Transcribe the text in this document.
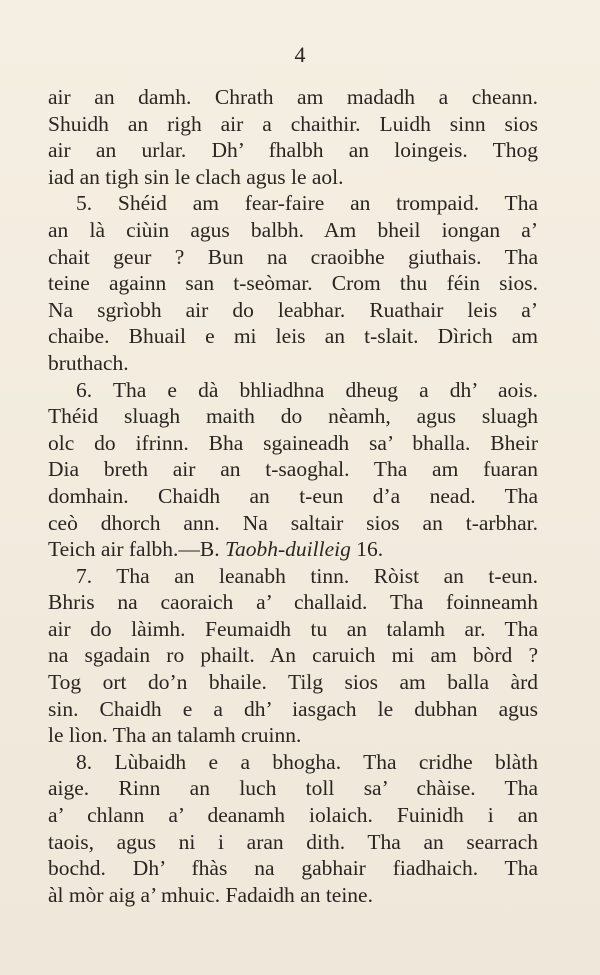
4
air an damh. Chrath am madadh a cheann.
Shuidh an righ air a chaithir. Luidh sinn sios
air an urlar. Dh’ fhalbh an loingeis. Thog
iad an tigh sin le clach agus le aol.
5. Shéid am fear-faire an trompaid. Tha
an là ciùin agus balbh. Am bheil iongan a’
chait geur ? Bun na craoibhe giuthais. Tha
teine againn san t-seòmar. Crom thu féin sios.
Na sgrìobh air do leabhar. Ruathair leis a’
chaibe. Bhuail e mi leis an t-slait. Dìrich am
bruthach.
6. Tha e dà bhliadhna dheug a dh’ aois.
Théid sluagh maith do nèamh, agus sluagh
olc do ifrinn. Bha sgaineadh sa’ bhalla. Bheir
Dia breth air an t-saoghal. Tha am fuaran
domhain. Chaidh an t-eun d’a nead. Tha
ceò dhorch ann. Na saltair sios an t-arbhar.
Teich air falbh.—B. Taobh-duilleig 16.
7. Tha an leanabh tinn. Ròist an t-eun.
Bhris na caoraich a’ challaid. Tha foinneamh
air do làimh. Feumaidh tu an talamh ar. Tha
na sgadain ro phailt. An caruich mi am bòrd ?
Tog ort do’n bhaile. Tilg sios am balla àrd
sin. Chaidh e a dh’ iasgach le dubhan agus
le lìon. Tha an talamh cruinn.
8. Lùbaidh e a bhogha. Tha cridhe blàth
aige. Rinn an luch toll sa’ chàise. Tha
a’ chlann a’ deanamh iolaich. Fuinidh i an
taois, agus ni i aran dith. Tha an searrach
bochd. Dh’ fhàs na gabhair fiadhaich. Tha
àl mòr aig a’ mhuic. Fadaidh an teine.
